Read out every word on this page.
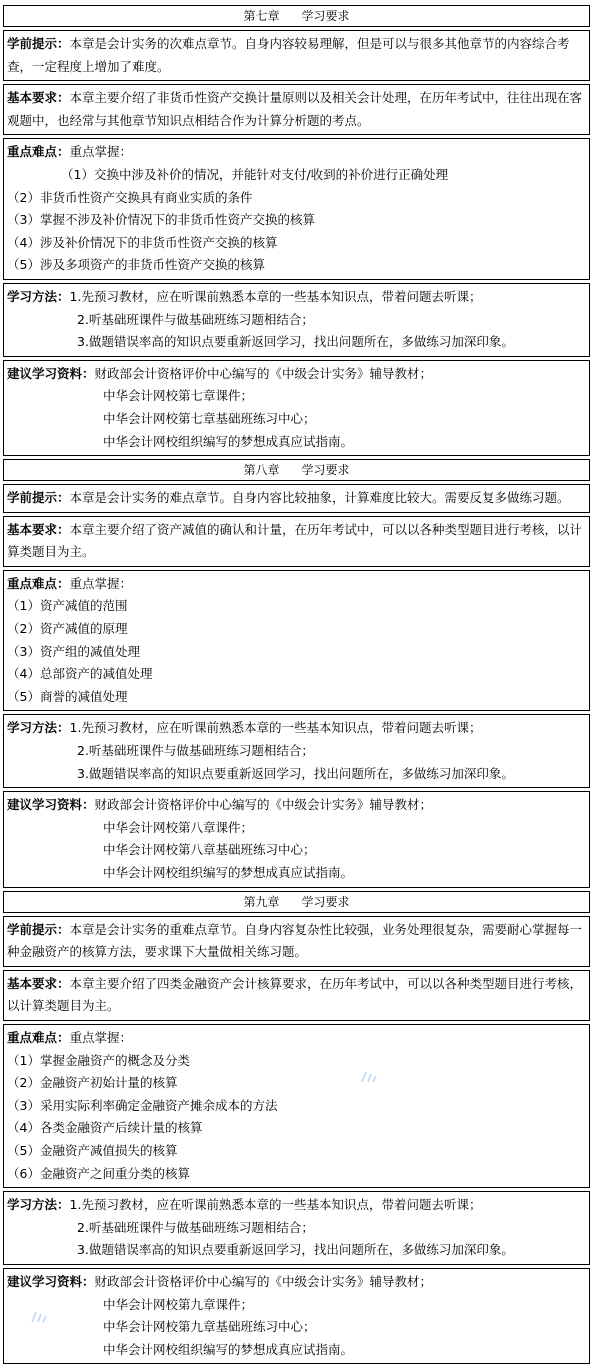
第七章 学习要求
学前提示：本章是会计实务的次难点章节。自身内容较易理解，但是可以与很多其他章节的内容综合考查，一定程度上增加了难度。
基本要求：本章主要介绍了非货币性资产交换计量原则以及相关会计处理，在历年考试中，往往出现在客观题中，也经常与其他章节知识点相结合作为计算分析题的考点。
重点难点：重点掌握：
（1）交换中涉及补价的情况，并能针对支付/收到的补价进行正确处理
（2）非货币性资产交换具有商业实质的条件
（3）掌握不涉及补价情况下的非货币性资产交换的核算
（4）涉及补价情况下的非货币性资产交换的核算
（5）涉及多项资产的非货币性资产交换的核算
学习方法：1.先预习教材，应在听课前熟悉本章的一些基本知识点，带着问题去听课；
2.听基础班课件与做基础班练习题相结合；
3.做题错误率高的知识点要重新返回学习，找出问题所在，多做练习加深印象。
建议学习资料：财政部会计资格评价中心编写的《中级会计实务》辅导教材；
中华会计网校第七章课件；
中华会计网校第七章基础班练习中心；
中华会计网校组织编写的梦想成真应试指南。
第八章 学习要求
学前提示：本章是会计实务的难点章节。自身内容比较抽象，计算难度比较大。需要反复多做练习题。
基本要求：本章主要介绍了资产减值的确认和计量，在历年考试中，可以以各种类型题目进行考核，以计算类题目为主。
重点难点：重点掌握：
（1）资产减值的范围
（2）资产减值的原理
（3）资产组的减值处理
（4）总部资产的减值处理
（5）商誉的减值处理
学习方法：1.先预习教材，应在听课前熟悉本章的一些基本知识点，带着问题去听课；
2.听基础班课件与做基础班练习题相结合；
3.做题错误率高的知识点要重新返回学习，找出问题所在，多做练习加深印象。
建议学习资料：财政部会计资格评价中心编写的《中级会计实务》辅导教材；
中华会计网校第八章课件；
中华会计网校第八章基础班练习中心；
中华会计网校组织编写的梦想成真应试指南。
第九章 学习要求
学前提示：本章是会计实务的重难点章节。自身内容复杂性比较强，业务处理很复杂，需要耐心掌握每一种金融资产的核算方法，要求课下大量做相关练习题。
基本要求：本章主要介绍了四类金融资产会计核算要求，在历年考试中，可以以各种类型题目进行考核，以计算类题目为主。
重点难点：重点掌握：
（1）掌握金融资产的概念及分类
（2）金融资产初始计量的核算
（3）采用实际利率确定金融资产摊余成本的方法
（4）各类金融资产后续计量的核算
（5）金融资产减值损失的核算
（6）金融资产之间重分类的核算
学习方法：1.先预习教材，应在听课前熟悉本章的一些基本知识点，带着问题去听课；
2.听基础班课件与做基础班练习题相结合；
3.做题错误率高的知识点要重新返回学习，找出问题所在，多做练习加深印象。
建议学习资料：财政部会计资格评价中心编写的《中级会计实务》辅导教材；
中华会计网校第九章课件；
中华会计网校第九章基础班练习中心；
中华会计网校组织编写的梦想成真应试指南。
